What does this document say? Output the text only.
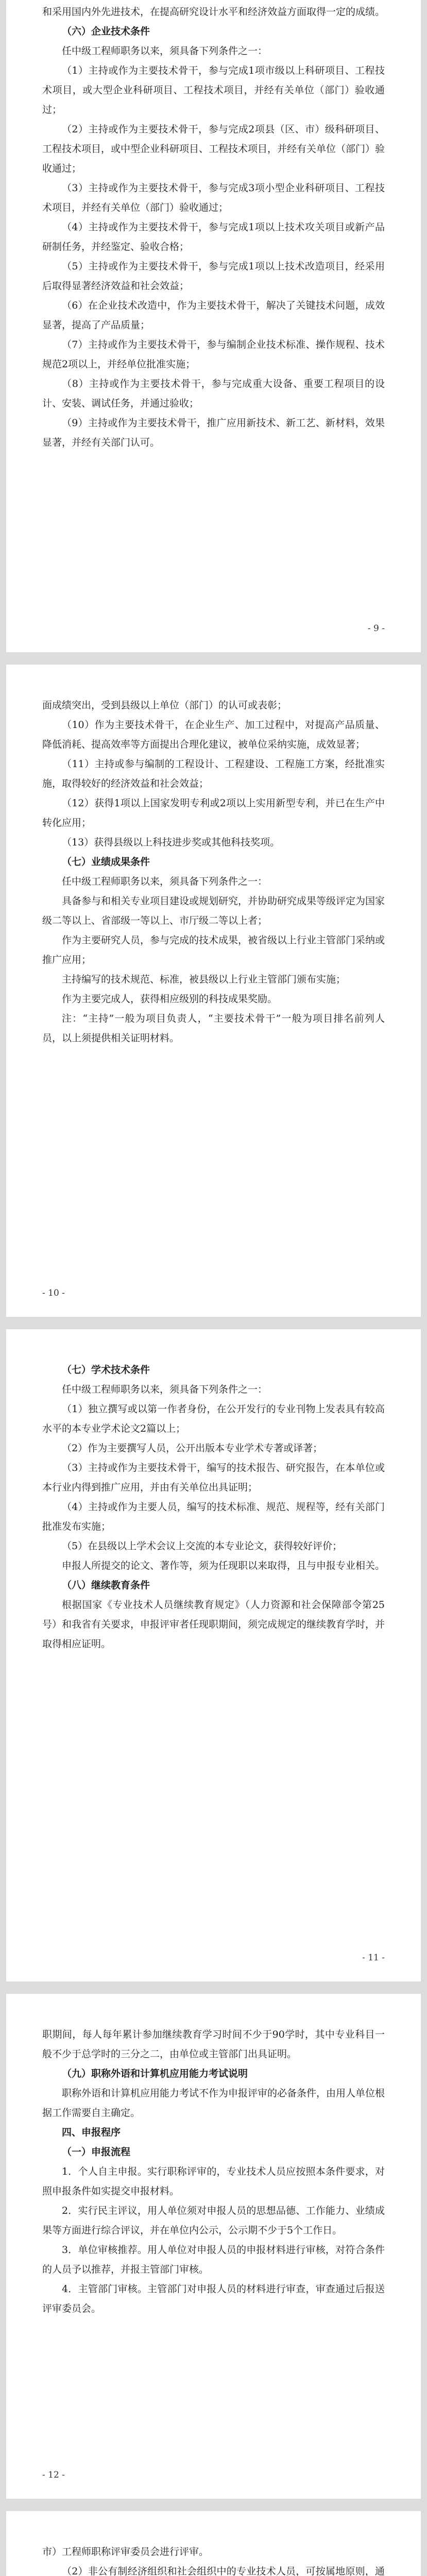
和采用国内外先进技术，在提高研究设计水平和经济效益方面取得一定的成绩。

（六）企业技术条件

任中级工程师职务以来，须具备下列条件之一：

（1）主持或作为主要技术骨干，参与完成1项市级以上科研项目、工程技术项目，或大型企业科研项目、工程技术项目，并经有关单位（部门）验收通过；

（2）主持或作为主要技术骨干，参与完成2项县（区、市）级科研项目、工程技术项目，或中型企业科研项目、工程技术项目，并经有关单位（部门）验收通过；

（3）主持或作为主要技术骨干，参与完成3项小型企业科研项目、工程技术项目，并经有关单位（部门）验收通过；

（4）主持或作为主要技术骨干，参与完成1项以上技术攻关项目或新产品研制任务，并经鉴定、验收合格；

（5）主持或作为主要技术骨干，参与完成1项以上技术改造项目，经采用后取得显著经济效益和社会效益；

（6）在企业技术改造中，作为主要技术骨干，解决了关键技术问题，成效显著，提高了产品质量；

（7）主持或作为主要技术骨干，参与编制企业技术标准、操作规程、技术规范2项以上，并经单位批准实施；

（8）主持或作为主要技术骨干，参与完成重大设备、重要工程项目的设计、安装、调试任务，并通过验收；

（9）主持或作为主要技术骨干，推广应用新技术、新工艺、新材料，效果显著，并经有关部门认可。

- 9 -

面成绩突出，受到县级以上单位（部门）的认可或表彰；

（10）作为主要技术骨干，在企业生产、加工过程中，对提高产品质量、降低消耗、提高效率等方面提出合理化建议，被单位采纳实施，成效显著；

（11）主持或参与编制的工程设计、工程建设、工程施工方案，经批准实施，取得较好的经济效益和社会效益；

（12）获得1项以上国家发明专利或2项以上实用新型专利，并已在生产中转化应用；

（13）获得县级以上科技进步奖或其他科技奖项。

（七）业绩成果条件

任中级工程师职务以来，须具备下列条件之一：

具备参与和相关专业项目建设或规划研究，并协助研究成果等级评定为国家级二等以上、省部级一等以上、市厅级二等以上者；

作为主要研究人员，参与完成的技术成果，被省级以上行业主管部门采纳或推广应用；

主持编写的技术规范、标准，被县级以上行业主管部门颁布实施；

作为主要完成人，获得相应级别的科技成果奖励。

注：“主持”一般为项目负责人，“主要技术骨干”一般为项目排名前列人员，以上须提供相关证明材料。

- 10 -

（七）学术技术条件

任中级工程师职务以来，须具备下列条件之一：

（1）独立撰写或以第一作者身份，在公开发行的专业刊物上发表具有较高水平的本专业学术论文2篇以上；

（2）作为主要撰写人员，公开出版本专业学术专著或译著；

（3）主持或作为主要技术骨干，编写的技术报告、研究报告，在本单位或本行业内得到推广应用，并由有关单位出具证明；

（4）主持或作为主要人员，编写的技术标准、规范、规程等，经有关部门批准发布实施；

（5）在县级以上学术会议上交流的本专业论文，获得较好评价；

申报人所提交的论文、著作等，须为任现职以来取得，且与申报专业相关。

（八）继续教育条件

根据国家《专业技术人员继续教育规定》（人力资源和社会保障部令第25号）和我省有关要求，申报评审者任现职期间，须完成规定的继续教育学时，并取得相应证明。

- 11 -

职期间，每人每年累计参加继续教育学习时间不少于90学时，其中专业科目一般不少于总学时的三分之二，由单位或主管部门出具证明。

（九）职称外语和计算机应用能力考试说明

职称外语和计算机应用能力考试不作为申报评审的必备条件，由用人单位根据工作需要自主确定。

四、申报程序

（一）申报流程

1．个人自主申报。实行职称评审的，专业技术人员应按照本条件要求，对照申报条件如实提交申报材料。

2．实行民主评议，用人单位须对申报人员的思想品德、工作能力、业绩成果等方面进行综合评议，并在单位内公示，公示期不少于5个工作日。

3．单位审核推荐。用人单位对申报人员的申报材料进行审核，对符合条件的人员予以推荐，并报主管部门审核。

4．主管部门审核。主管部门对申报人员的材料进行审查，审查通过后报送评审委员会。

- 12 -

市）工程师职称评审委员会进行评审。

（2）非公有制经济组织和社会组织中的专业技术人员，可按属地原则，通
